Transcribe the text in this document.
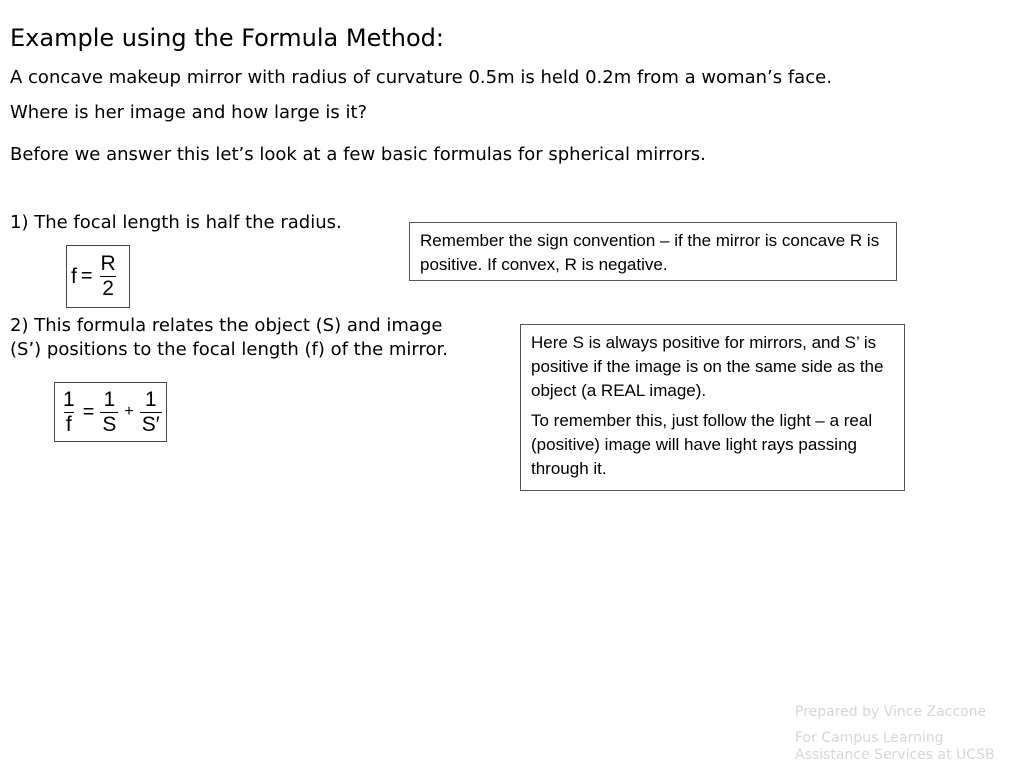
Example using the Formula Method:
A concave makeup mirror with radius of curvature 0.5m is held 0.2m from a woman’s face.
Where is her image and how large is it?
Before we answer this let’s look at a few basic formulas for spherical mirrors.
1) The focal length is half the radius.
$f = \frac{R}{2}$

Remember the sign convention – if the mirror is concave R is positive. If convex, R is negative.

2) This formula relates the object (S) and image
(S’) positions to the focal length (f) of the mirror.
$\frac{1}{f} = \frac{1}{S} + \frac{1}{S'}$

Here S is always positive for mirrors, and S’ is positive if the image is on the same side as the object (a REAL image).

To remember this, just follow the light – a real (positive) image will have light rays passing through it.

Prepared by Vince Zaccone
For Campus Learning
Assistance Services at UCSB
